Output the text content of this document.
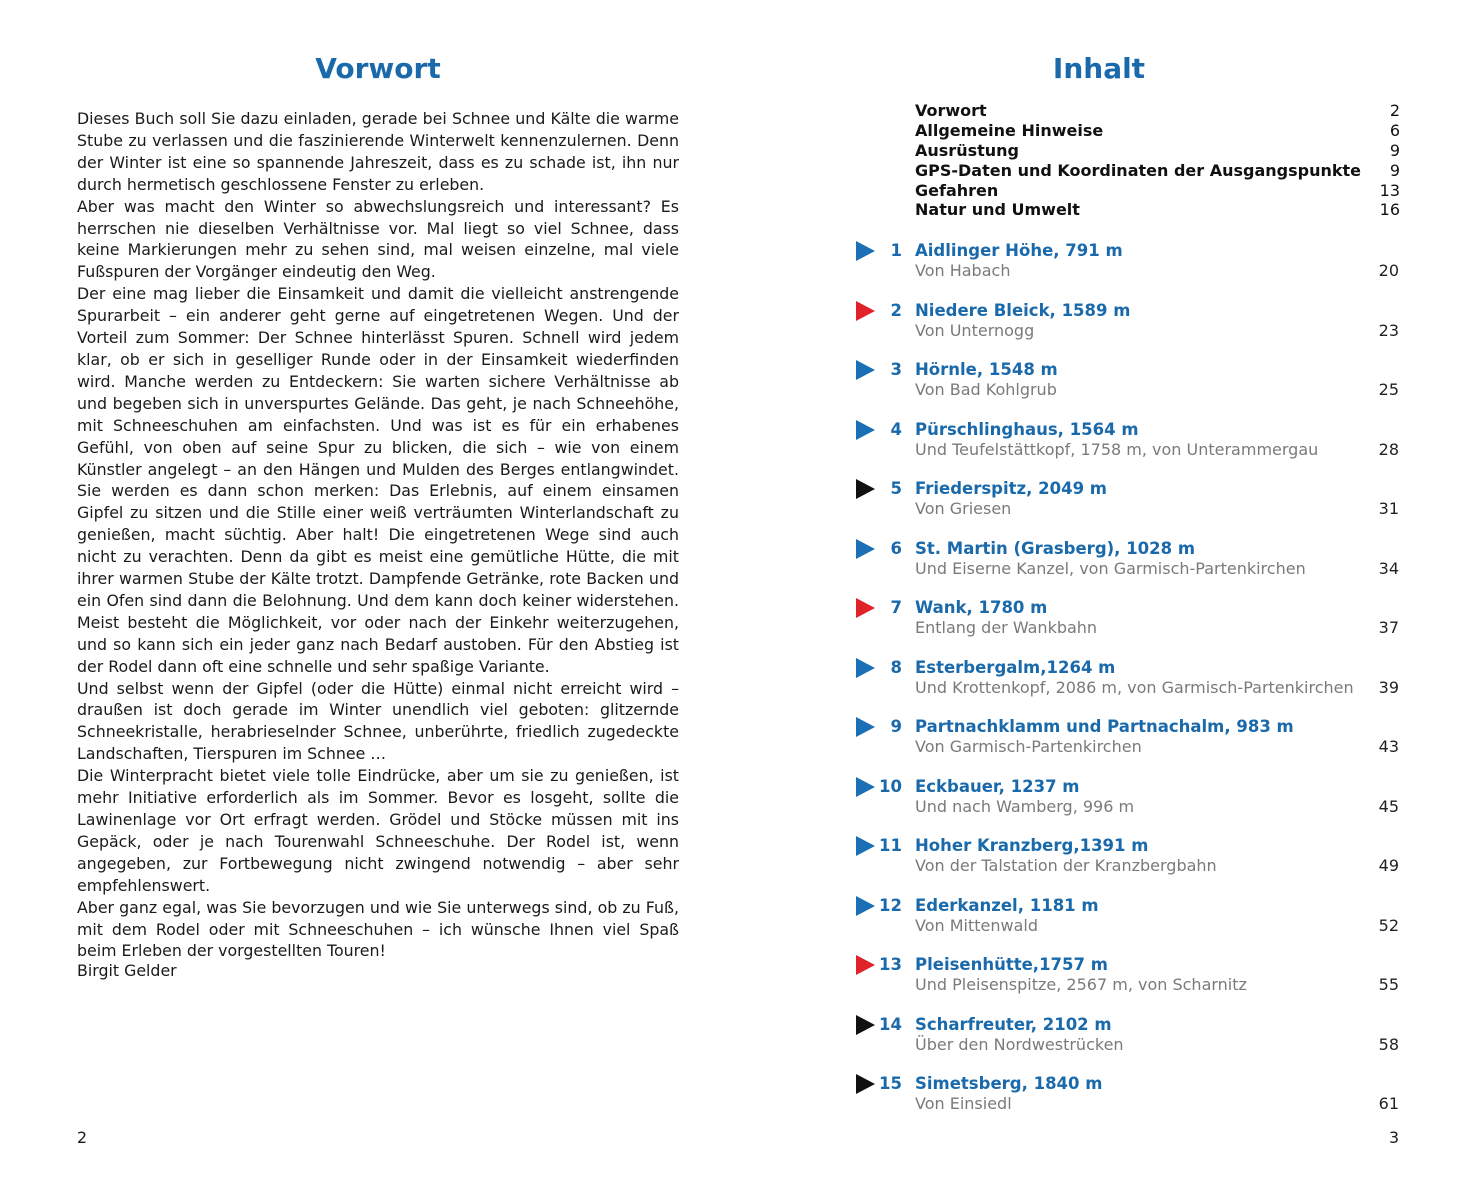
Vorwort

Dieses Buch soll Sie dazu einladen, gerade bei Schnee und Kälte die warme Stube zu verlassen und die faszinierende Winterwelt kennenzulernen. Denn der Winter ist eine so spannende Jahreszeit, dass es zu schade ist, ihn nur durch hermetisch geschlossene Fenster zu erleben.

Aber was macht den Winter so abwechslungsreich und interessant? Es herrschen nie dieselben Verhältnisse vor. Mal liegt so viel Schnee, dass keine Markierungen mehr zu sehen sind, mal weisen einzelne, mal viele Fußspuren der Vorgänger eindeutig den Weg.

Der eine mag lieber die Einsamkeit und damit die vielleicht anstrengende Spurarbeit – ein anderer geht gerne auf eingetretenen Wegen. Und der Vorteil zum Sommer: Der Schnee hinterlässt Spuren. Schnell wird jedem klar, ob er sich in geselliger Runde oder in der Einsamkeit wiederfinden wird. Manche werden zu Entdeckern: Sie warten sichere Verhältnisse ab und begeben sich in unverspurtes Gelände. Das geht, je nach Schneehöhe, mit Schneeschuhen am einfachsten. Und was ist es für ein erhabenes Gefühl, von oben auf seine Spur zu blicken, die sich – wie von einem Künstler angelegt – an den Hängen und Mulden des Berges entlangwindet. Sie werden es dann schon merken: Das Erlebnis, auf einem einsamen Gipfel zu sitzen und die Stille einer weiß verträumten Winterlandschaft zu genießen, macht süchtig. Aber halt! Die eingetretenen Wege sind auch nicht zu verachten. Denn da gibt es meist eine gemütliche Hütte, die mit ihrer warmen Stube der Kälte trotzt. Dampfende Getränke, rote Backen und ein Ofen sind dann die Belohnung. Und dem kann doch keiner widerstehen. Meist besteht die Möglichkeit, vor oder nach der Einkehr weiterzugehen, und so kann sich ein jeder ganz nach Bedarf austoben. Für den Abstieg ist der Rodel dann oft eine schnelle und sehr spaßige Variante.

Und selbst wenn der Gipfel (oder die Hütte) einmal nicht erreicht wird – draußen ist doch gerade im Winter unendlich viel geboten: glitzernde Schneekristalle, herabrieselnder Schnee, unberührte, friedlich zugedeckte Landschaften, Tierspuren im Schnee …

Die Winterpracht bietet viele tolle Eindrücke, aber um sie zu genießen, ist mehr Initiative erforderlich als im Sommer. Bevor es losgeht, sollte die Lawinenlage vor Ort erfragt werden. Grödel und Stöcke müssen mit ins Gepäck, oder je nach Tourenwahl Schneeschuhe. Der Rodel ist, wenn angegeben, zur Fortbewegung nicht zwingend notwendig – aber sehr empfehlenswert.

Aber ganz egal, was Sie bevorzugen und wie Sie unterwegs sind, ob zu Fuß, mit dem Rodel oder mit Schneeschuhen – ich wünsche Ihnen viel Spaß beim Erleben der vorgestellten Touren!

Birgit Gelder
2
Inhalt
Vorwort	2
Allgemeine Hinweise	6
Ausrüstung	9
GPS-Daten und Koordinaten der Ausgangspunkte 9
Gefahren	13
Natur und Umwelt	16
1 Aidlinger Höhe, 791 m
Von Habach	20
2 Niedere Bleick, 1589 m
Von Unternogg	23
3 Hörnle, 1548 m
Von Bad Kohlgrub	25
4 Pürschlinghaus, 1564 m
Und Teufelstättkopf, 1758 m, von Unterammergau	28
5 Friederspitz, 2049 m
Von Griesen	31
6 St. Martin (Grasberg), 1028 m
Und Eiserne Kanzel, von Garmisch-Partenkirchen	34
7 Wank, 1780 m
Entlang der Wankbahn	37
8 Esterbergalm,1264 m
Und Krottenkopf, 2086 m, von Garmisch-Partenkirchen 39
9 Partnachklamm und Partnachalm, 983 m
Von Garmisch-Partenkirchen	43
10 Eckbauer, 1237 m
Und nach Wamberg, 996 m	45
11 Hoher Kranzberg,1391 m
Von der Talstation der Kranzbergbahn	49
12 Ederkanzel, 1181 m
Von Mittenwald	52
13 Pleisenhütte,1757 m
Und Pleisenspitze, 2567 m, von Scharnitz	55
14 Scharfreuter, 2102 m
Über den Nordwestrücken	58
15 Simetsberg, 1840 m
Von Einsiedl	61
3
